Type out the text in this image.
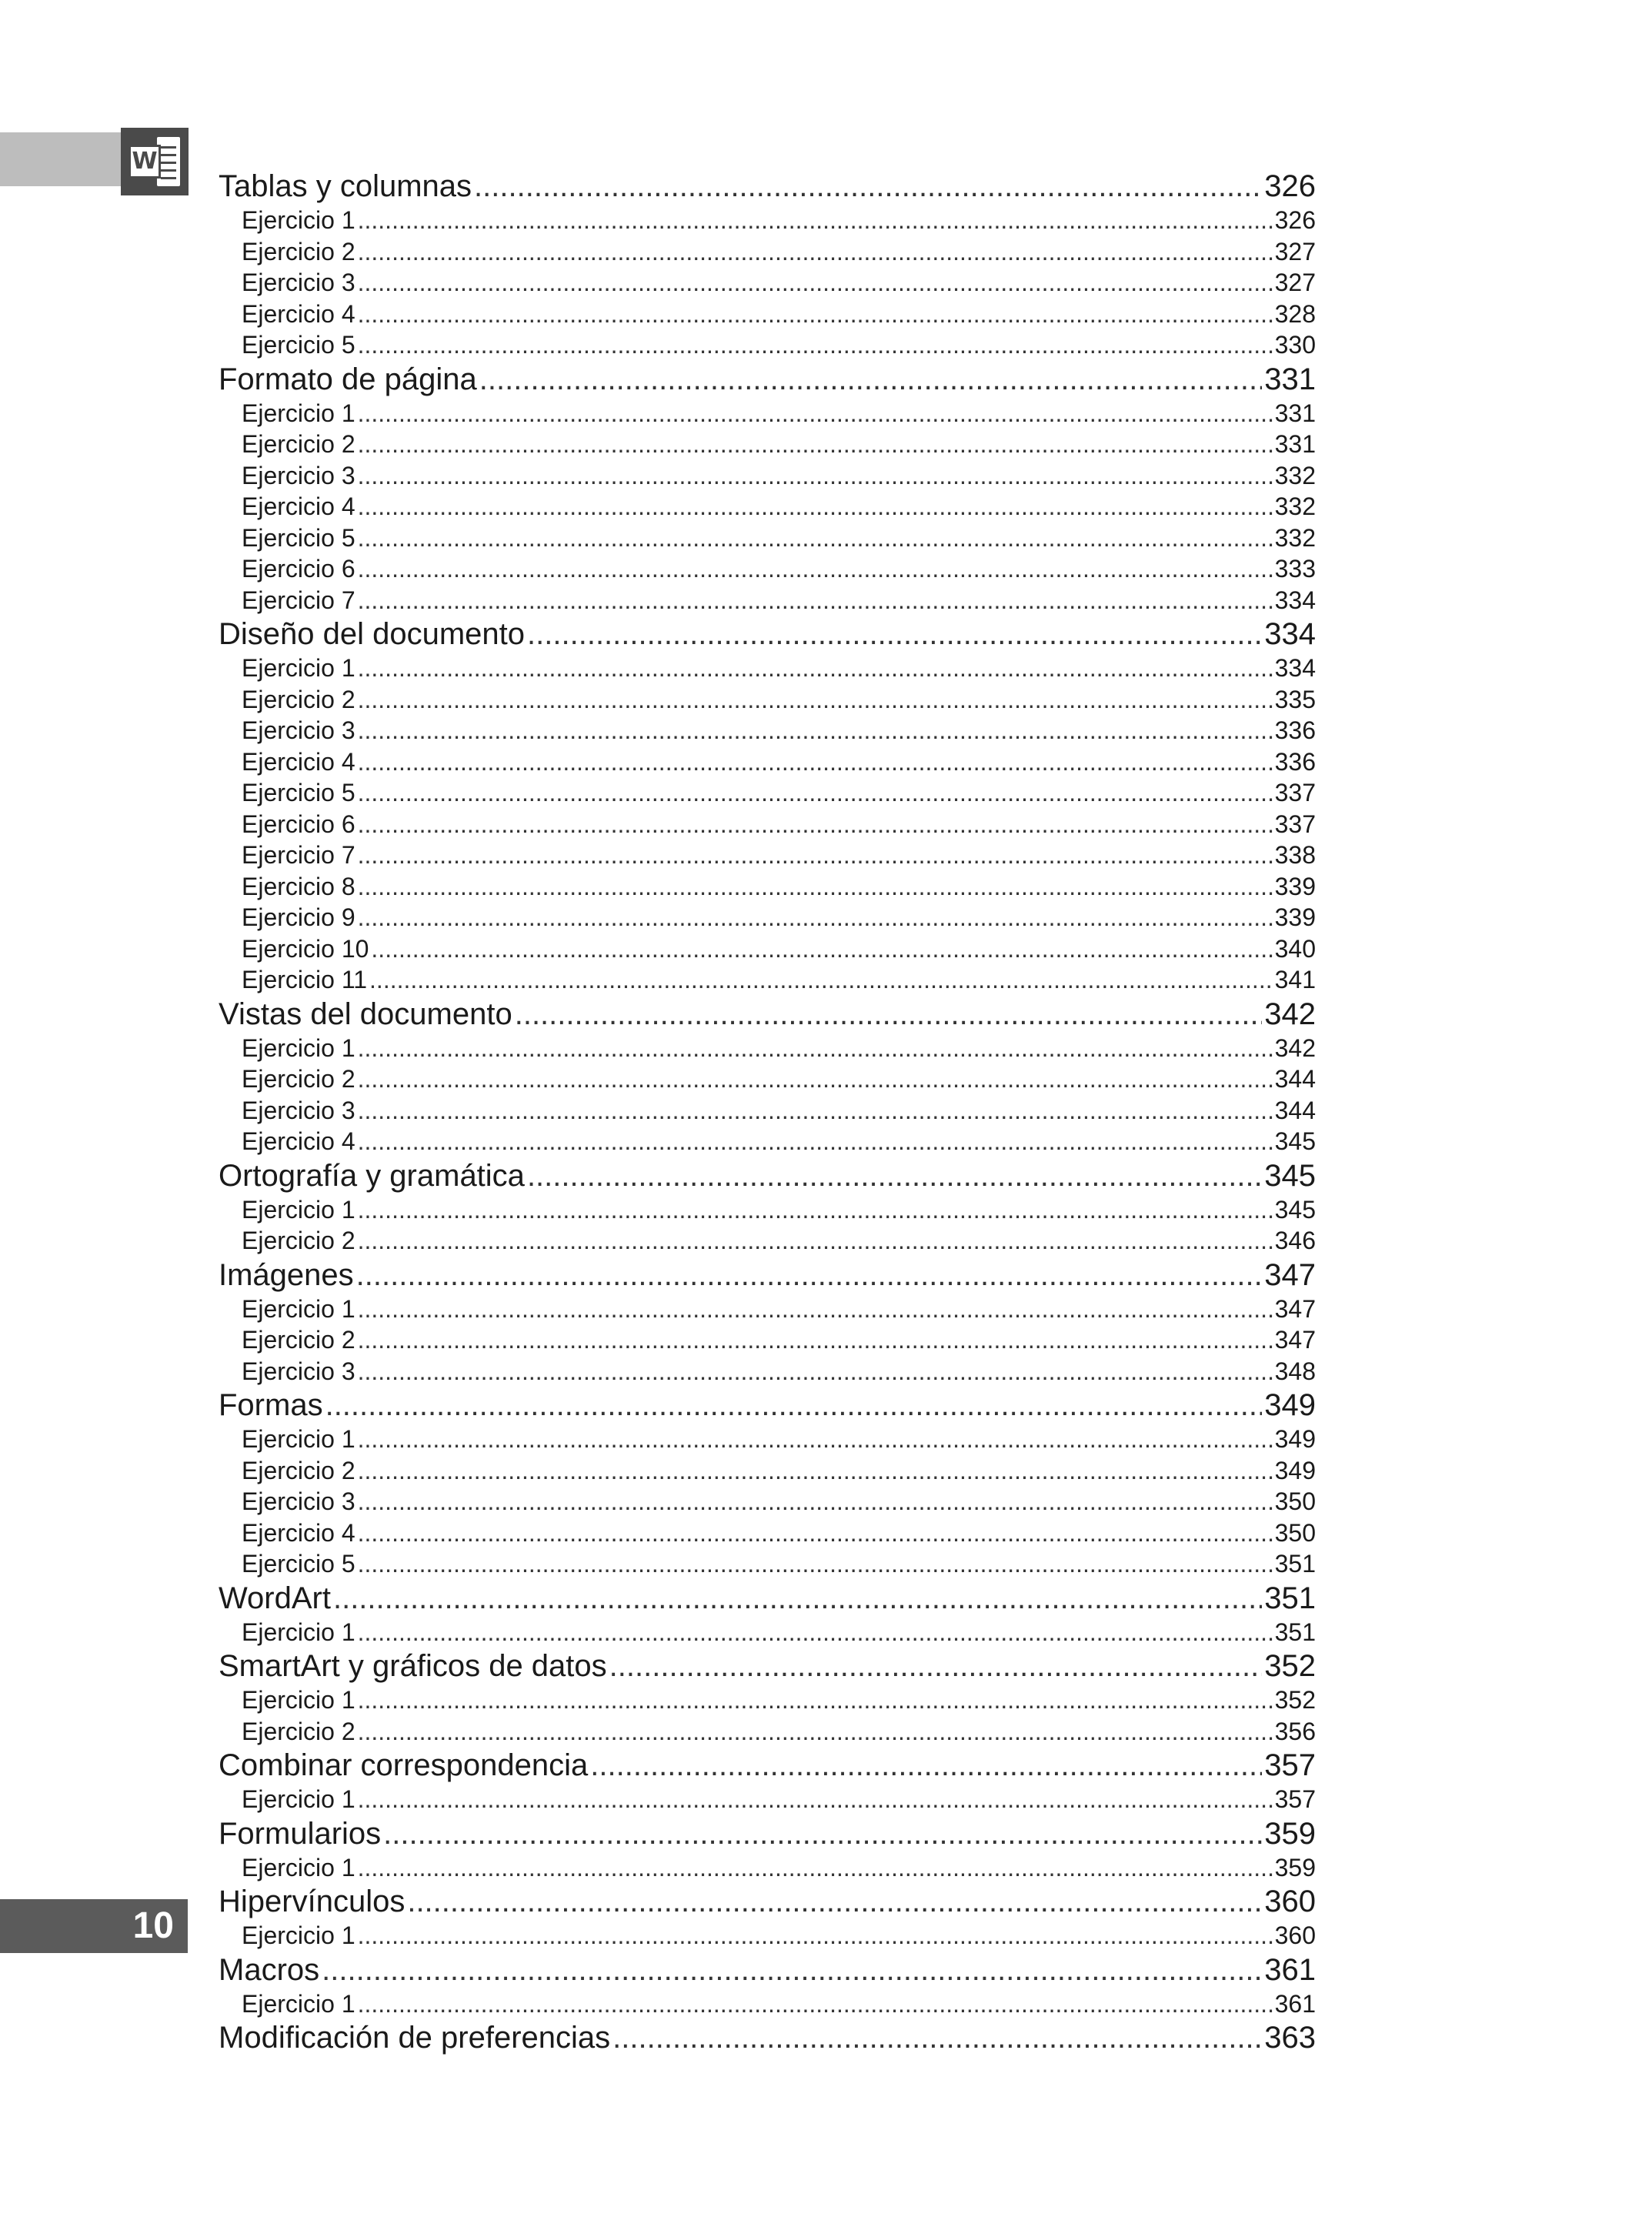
W
10
Tablas y columnas .....	326
Ejercicio 1 .....	326
Ejercicio 2 .....	327
Ejercicio 3 .....	327
Ejercicio 4 .....	328
Ejercicio 5 .....	330
Formato de página .....	331
Ejercicio 1 .....	331
Ejercicio 2 .....	331
Ejercicio 3 .....	332
Ejercicio 4 .....	332
Ejercicio 5 .....	332
Ejercicio 6 .....	333
Ejercicio 7 .....	334
Diseño del documento .....	334
Ejercicio 1 .....	334
Ejercicio 2 .....	335
Ejercicio 3 .....	336
Ejercicio 4 .....	336
Ejercicio 5 .....	337
Ejercicio 6 .....	337
Ejercicio 7 .....	338
Ejercicio 8 .....	339
Ejercicio 9 .....	339
Ejercicio 10 .....	340
Ejercicio 11 .....	341
Vistas del documento .....	342
Ejercicio 1 .....	342
Ejercicio 2 .....	344
Ejercicio 3 .....	344
Ejercicio 4 .....	345
Ortografía y gramática .....	345
Ejercicio 1 .....	345
Ejercicio 2 .....	346
Imágenes .....	347
Ejercicio 1 .....	347
Ejercicio 2 .....	347
Ejercicio 3 .....	348
Formas .....	349
Ejercicio 1 .....	349
Ejercicio 2 .....	349
Ejercicio 3 .....	350
Ejercicio 4 .....	350
Ejercicio 5 .....	351
WordArt .....	351
Ejercicio 1 .....	351
SmartArt y gráficos de datos .....	352
Ejercicio 1 .....	352
Ejercicio 2 .....	356
Combinar correspondencia .....	357
Ejercicio 1 .....	357
Formularios .....	359
Ejercicio 1 .....	359
Hipervínculos .....	360
Ejercicio 1 .....	360
Macros .....	361
Ejercicio 1 .....	361
Modificación de preferencias .....	363
